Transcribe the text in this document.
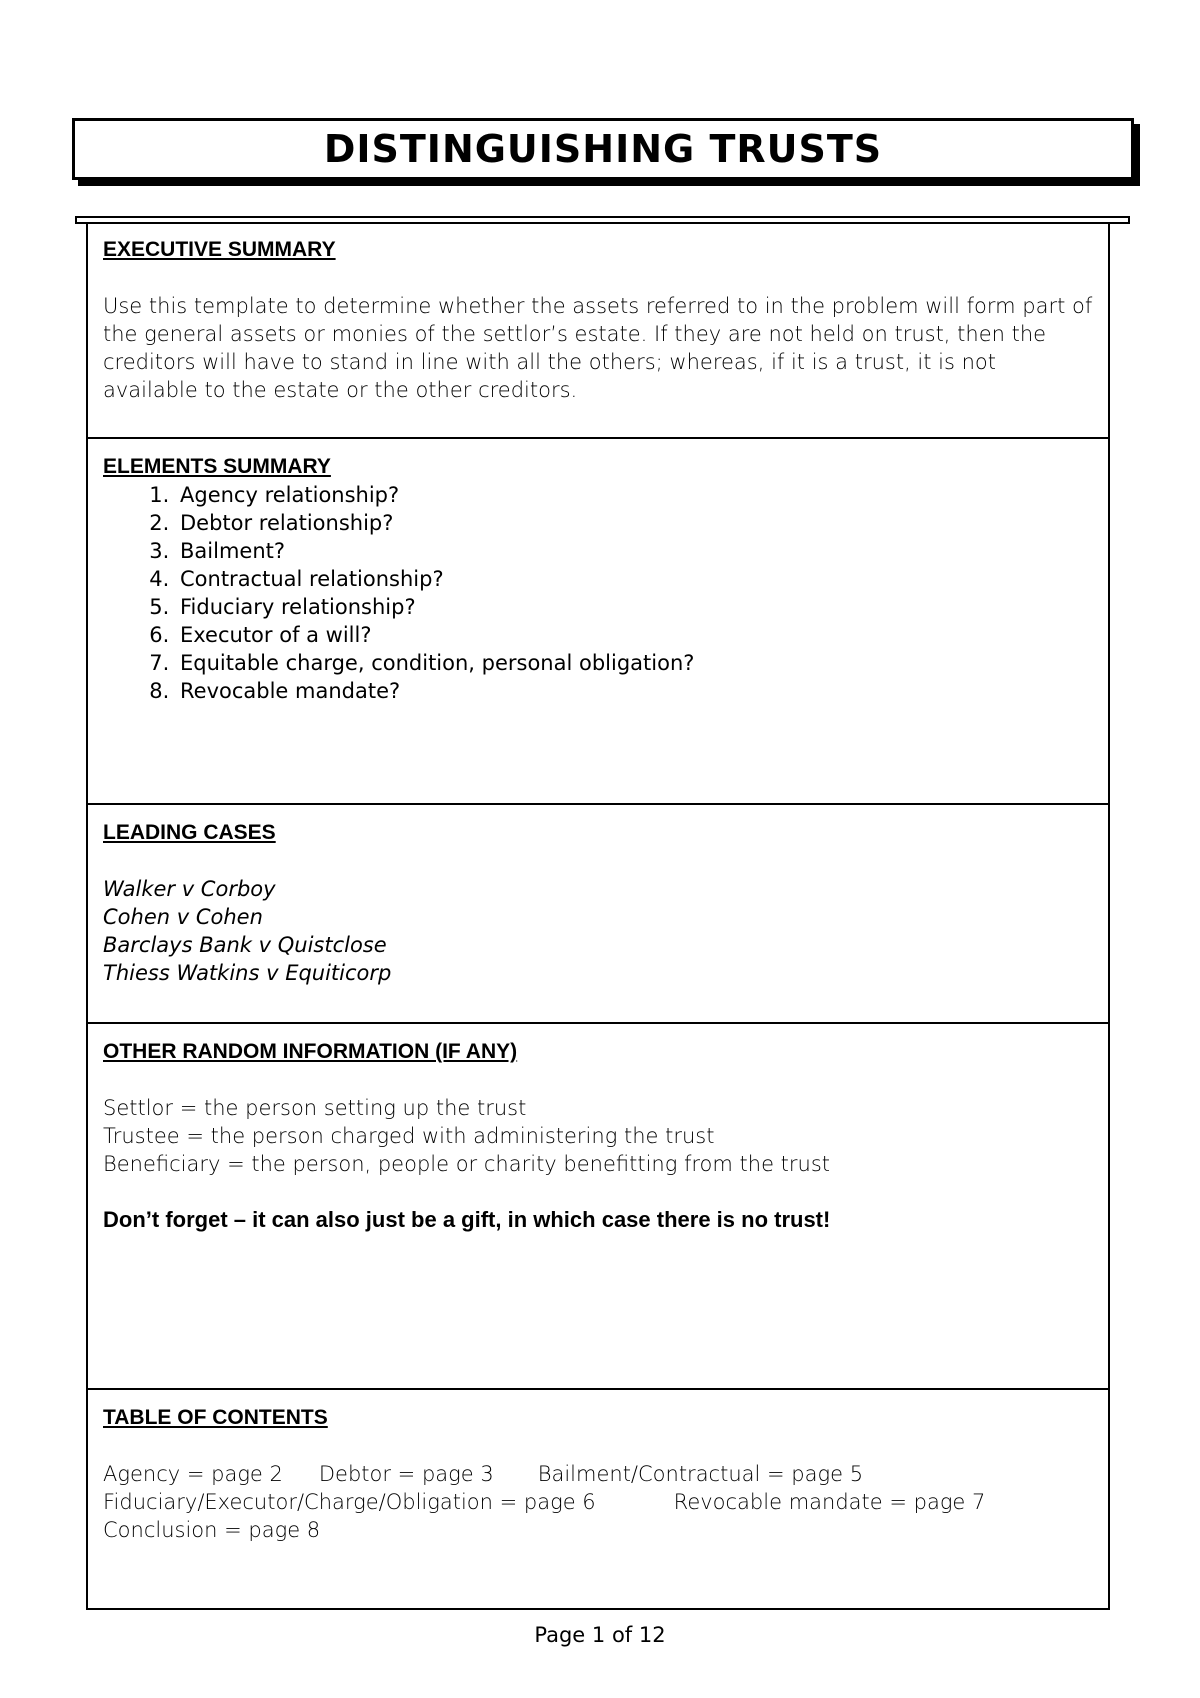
DISTINGUISHING TRUSTS
EXECUTIVE SUMMARY

Use this template to determine whether the assets referred to in the problem will form part of the general assets or monies of the settlor’s estate. If they are not held on trust, then the creditors will have to stand in line with all the others; whereas, if it is a trust, it is not available to the estate or the other creditors.

ELEMENTS SUMMARY
1. Agency relationship?
2. Debtor relationship?
3. Bailment?
4. Contractual relationship?
5. Fiduciary relationship?
6. Executor of a will?
7. Equitable charge, condition, personal obligation?
8. Revocable mandate?
LEADING CASES

Walker v Corboy

Cohen v Cohen

Barclays Bank v Quistclose

Thiess Watkins v Equiticorp

OTHER RANDOM INFORMATION (IF ANY)

Settlor = the person setting up the trust

Trustee = the person charged with administering the trust

Beneficiary = the person, people or charity benefitting from the trust

Don’t forget – it can also just be a gift, in which case there is no trust!

TABLE OF CONTENTS

Agency = page 2 Debtor = page 3 Bailment/Contractual = page 5

Fiduciary/Executor/Charge/Obligation = page 6	Revocable mandate = page 7

Conclusion = page 8

Page 1 of 12
